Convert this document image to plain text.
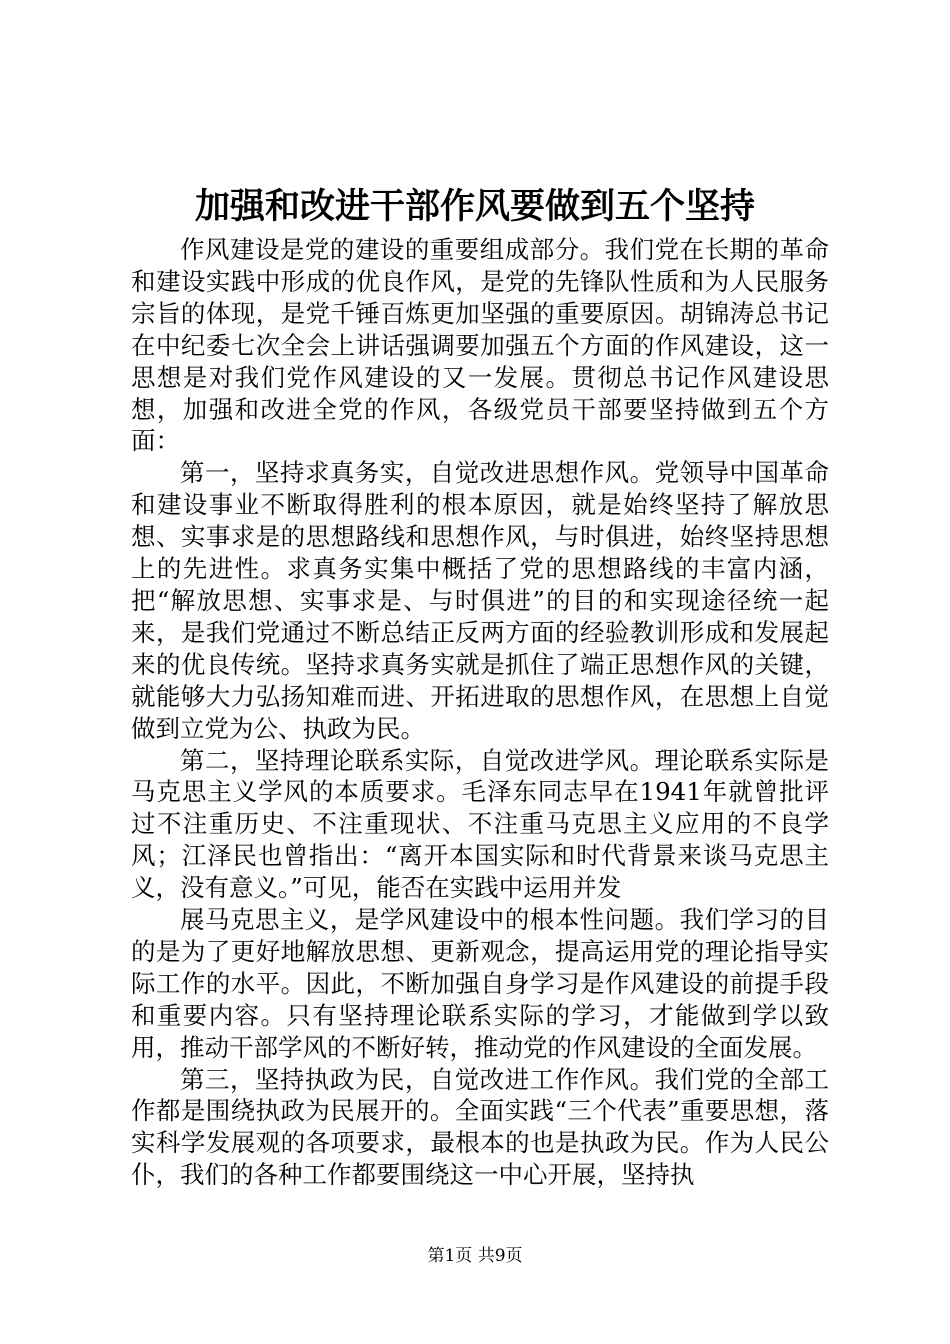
加强和改进干部作风要做到五个坚持

作风建设是党的建设的重要组成部分。我们党在长期的革命和建设实践中形成的优良作风，是党的先锋队性质和为人民服务宗旨的体现，是党千锤百炼更加坚强的重要原因。胡锦涛总书记在中纪委七次全会上讲话强调要加强五个方面的作风建设，这一思想是对我们党作风建设的又一发展。贯彻总书记作风建设思想，加强和改进全党的作风，各级党员干部要坚持做到五个方面：

第一，坚持求真务实，自觉改进思想作风。党领导中国革命和建设事业不断取得胜利的根本原因，就是始终坚持了解放思想、实事求是的思想路线和思想作风，与时俱进，始终坚持思想上的先进性。求真务实集中概括了党的思想路线的丰富内涵，把“解放思想、实事求是、与时俱进”的目的和实现途径统一起来，是我们党通过不断总结正反两方面的经验教训形成和发展起来的优良传统。坚持求真务实就是抓住了端正思想作风的关键，就能够大力弘扬知难而进、开拓进取的思想作风，在思想上自觉做到立党为公、执政为民。

第二，坚持理论联系实际，自觉改进学风。理论联系实际是马克思主义学风的本质要求。毛泽东同志早在1941年就曾批评过不注重历史、不注重现状、不注重马克思主义应用的不良学风；江泽民也曾指出：“离开本国实际和时代背景来谈马克思主义，没有意义。”可见，能否在实践中运用并发

展马克思主义，是学风建设中的根本性问题。我们学习的目的是为了更好地解放思想、更新观念，提高运用党的理论指导实际工作的水平。因此，不断加强自身学习是作风建设的前提手段和重要内容。只有坚持理论联系实际的学习，才能做到学以致用，推动干部学风的不断好转，推动党的作风建设的全面发展。

第三，坚持执政为民，自觉改进工作作风。我们党的全部工作都是围绕执政为民展开的。全面实践“三个代表”重要思想，落实科学发展观的各项要求，最根本的也是执政为民。作为人民公仆，我们的各种工作都要围绕这一中心开展，坚持执

第1页 共9页
